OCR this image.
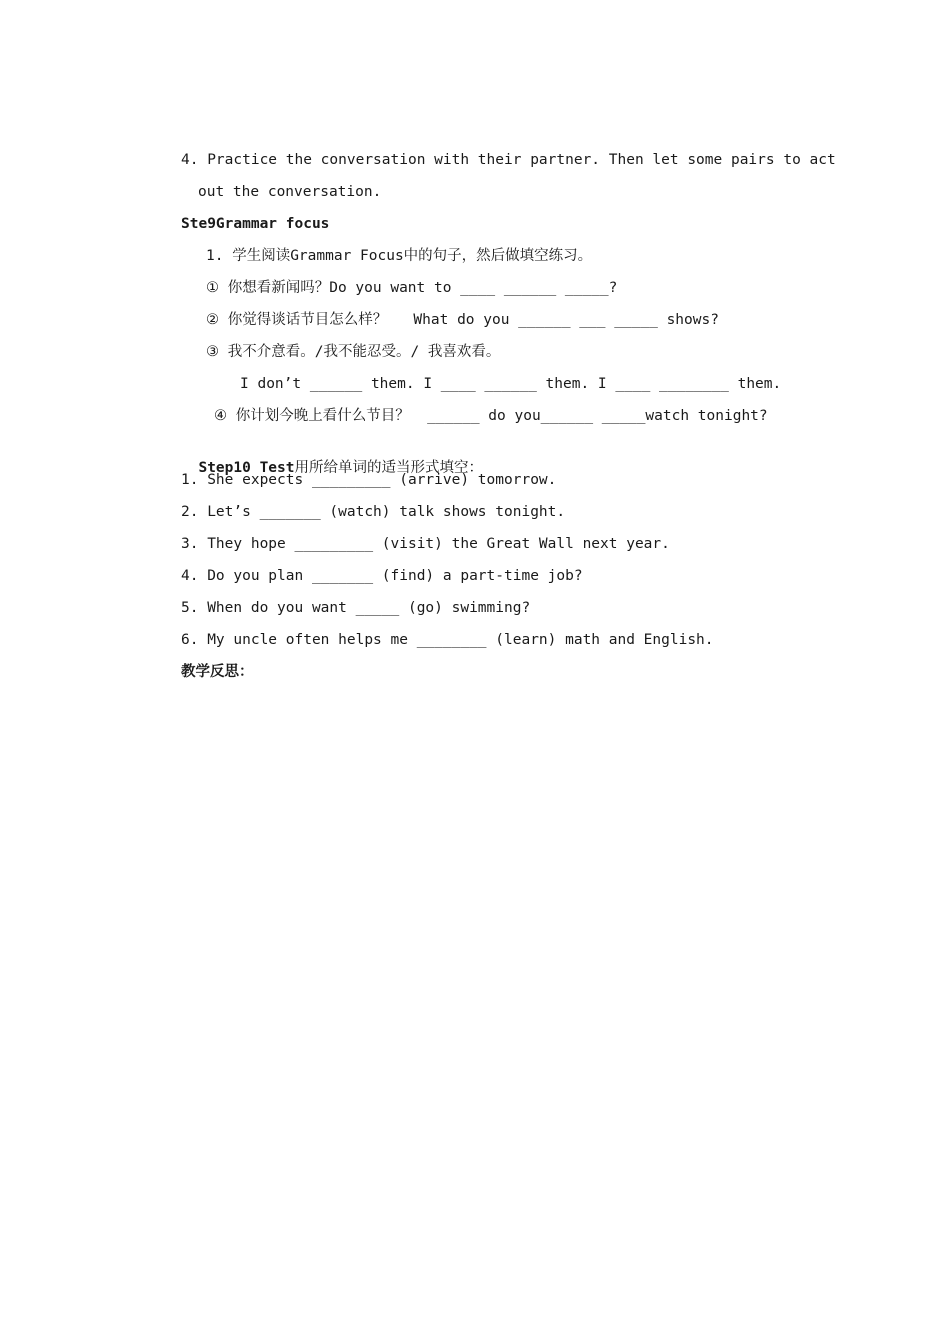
4. Practice the conversation with their partner. Then let some pairs to act
out the conversation.
Ste9Grammar focus
1. 学生阅读Grammar Focus中的句子，然后做填空练习。
① 你想看新闻吗？Do you want to ____ ______ _____?
② 你觉得谈话节目怎么样？   What do you ______ ___ _____ shows?
③ 我不介意看。/我不能忍受。/ 我喜欢看。
I don’t ______ them. I ____ ______ them. I ____ ________ them.
④ 你计划今晚上看什么节目？  ______ do you______ _____watch tonight?

Step10 Test用所给单词的适当形式填空：

1. She expects _________ (arrive) tomorrow.
2. Let’s _______ (watch) talk shows tonight.
3. They hope _________ (visit) the Great Wall next year.
4. Do you plan _______ (find) a part-time job?
5. When do you want _____ (go) swimming?
6. My uncle often helps me ________ (learn) math and English.
教学反思：
